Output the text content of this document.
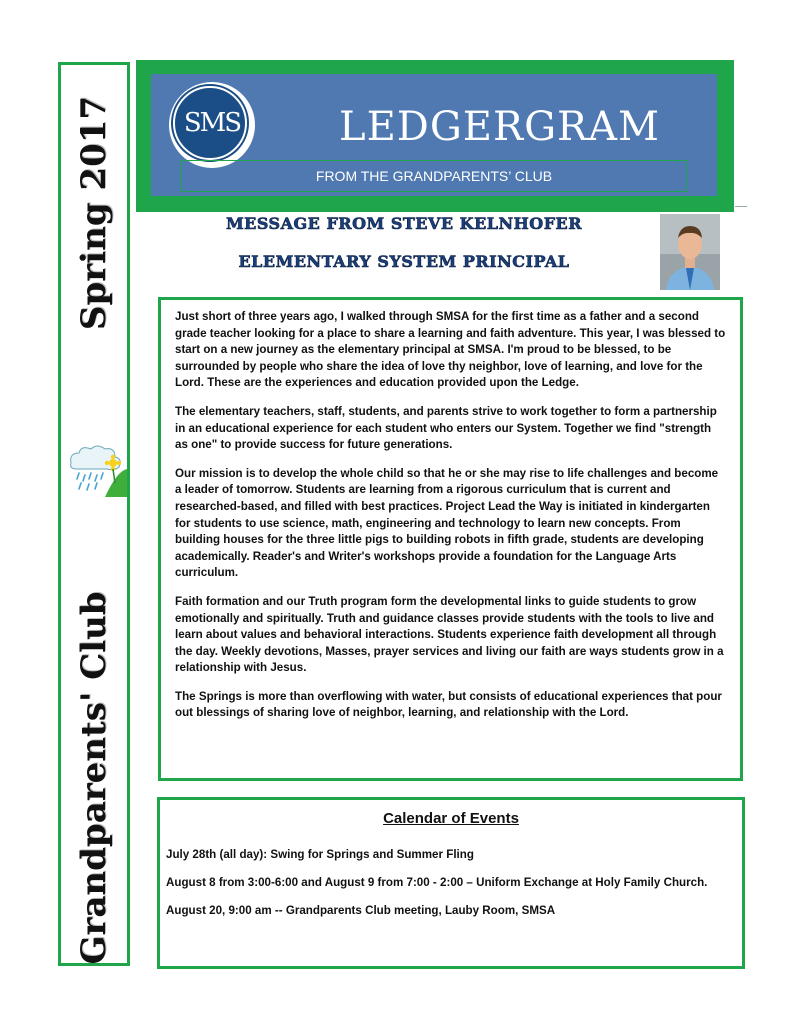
Spring 2017
Grandparents' Club
SMS LEDGERGRAM
FROM THE GRANDPARENTS’ CLUB
MESSAGE FROM STEVE KELNHOFER
ELEMENTARY SYSTEM PRINCIPAL

Just short of three years ago, I walked through SMSA for the first time as a father and a second grade teacher looking for a place to share a learning and faith adventure. This year, I was blessed to start on a new journey as the elementary principal at SMSA. I'm proud to be blessed, to be surrounded by people who share the idea of love thy neighbor, love of learning, and love for the Lord. These are the experiences and education provided upon the Ledge.

The elementary teachers, staff, students, and parents strive to work together to form a partnership in an educational experience for each student who enters our System. Together we find "strength as one" to provide success for future generations.

Our mission is to develop the whole child so that he or she may rise to life challenges and become a leader of tomorrow. Students are learning from a rigorous curriculum that is current and researched-based, and filled with best practices. Project Lead the Way is initiated in kindergarten for students to use science, math, engineering and technology to learn new concepts. From building houses for the three little pigs to building robots in fifth grade, students are developing academically. Reader's and Writer's workshops provide a foundation for the Language Arts curriculum.

Faith formation and our Truth program form the developmental links to guide students to grow emotionally and spiritually. Truth and guidance classes provide students with the tools to live and learn about values and behavioral interactions. Students experience faith development all through the day. Weekly devotions, Masses, prayer services and living our faith are ways students grow in a relationship with Jesus.

The Springs is more than overflowing with water, but consists of educational experiences that pour out blessings of sharing love of neighbor, learning, and relationship with the Lord.

Calendar of Events

July 28th (all day): Swing for Springs and Summer Fling

August 8 from 3:00-6:00 and August 9 from 7:00 - 2:00 – Uniform Exchange at Holy Family Church.

August 20, 9:00 am -- Grandparents Club meeting, Lauby Room, SMSA
